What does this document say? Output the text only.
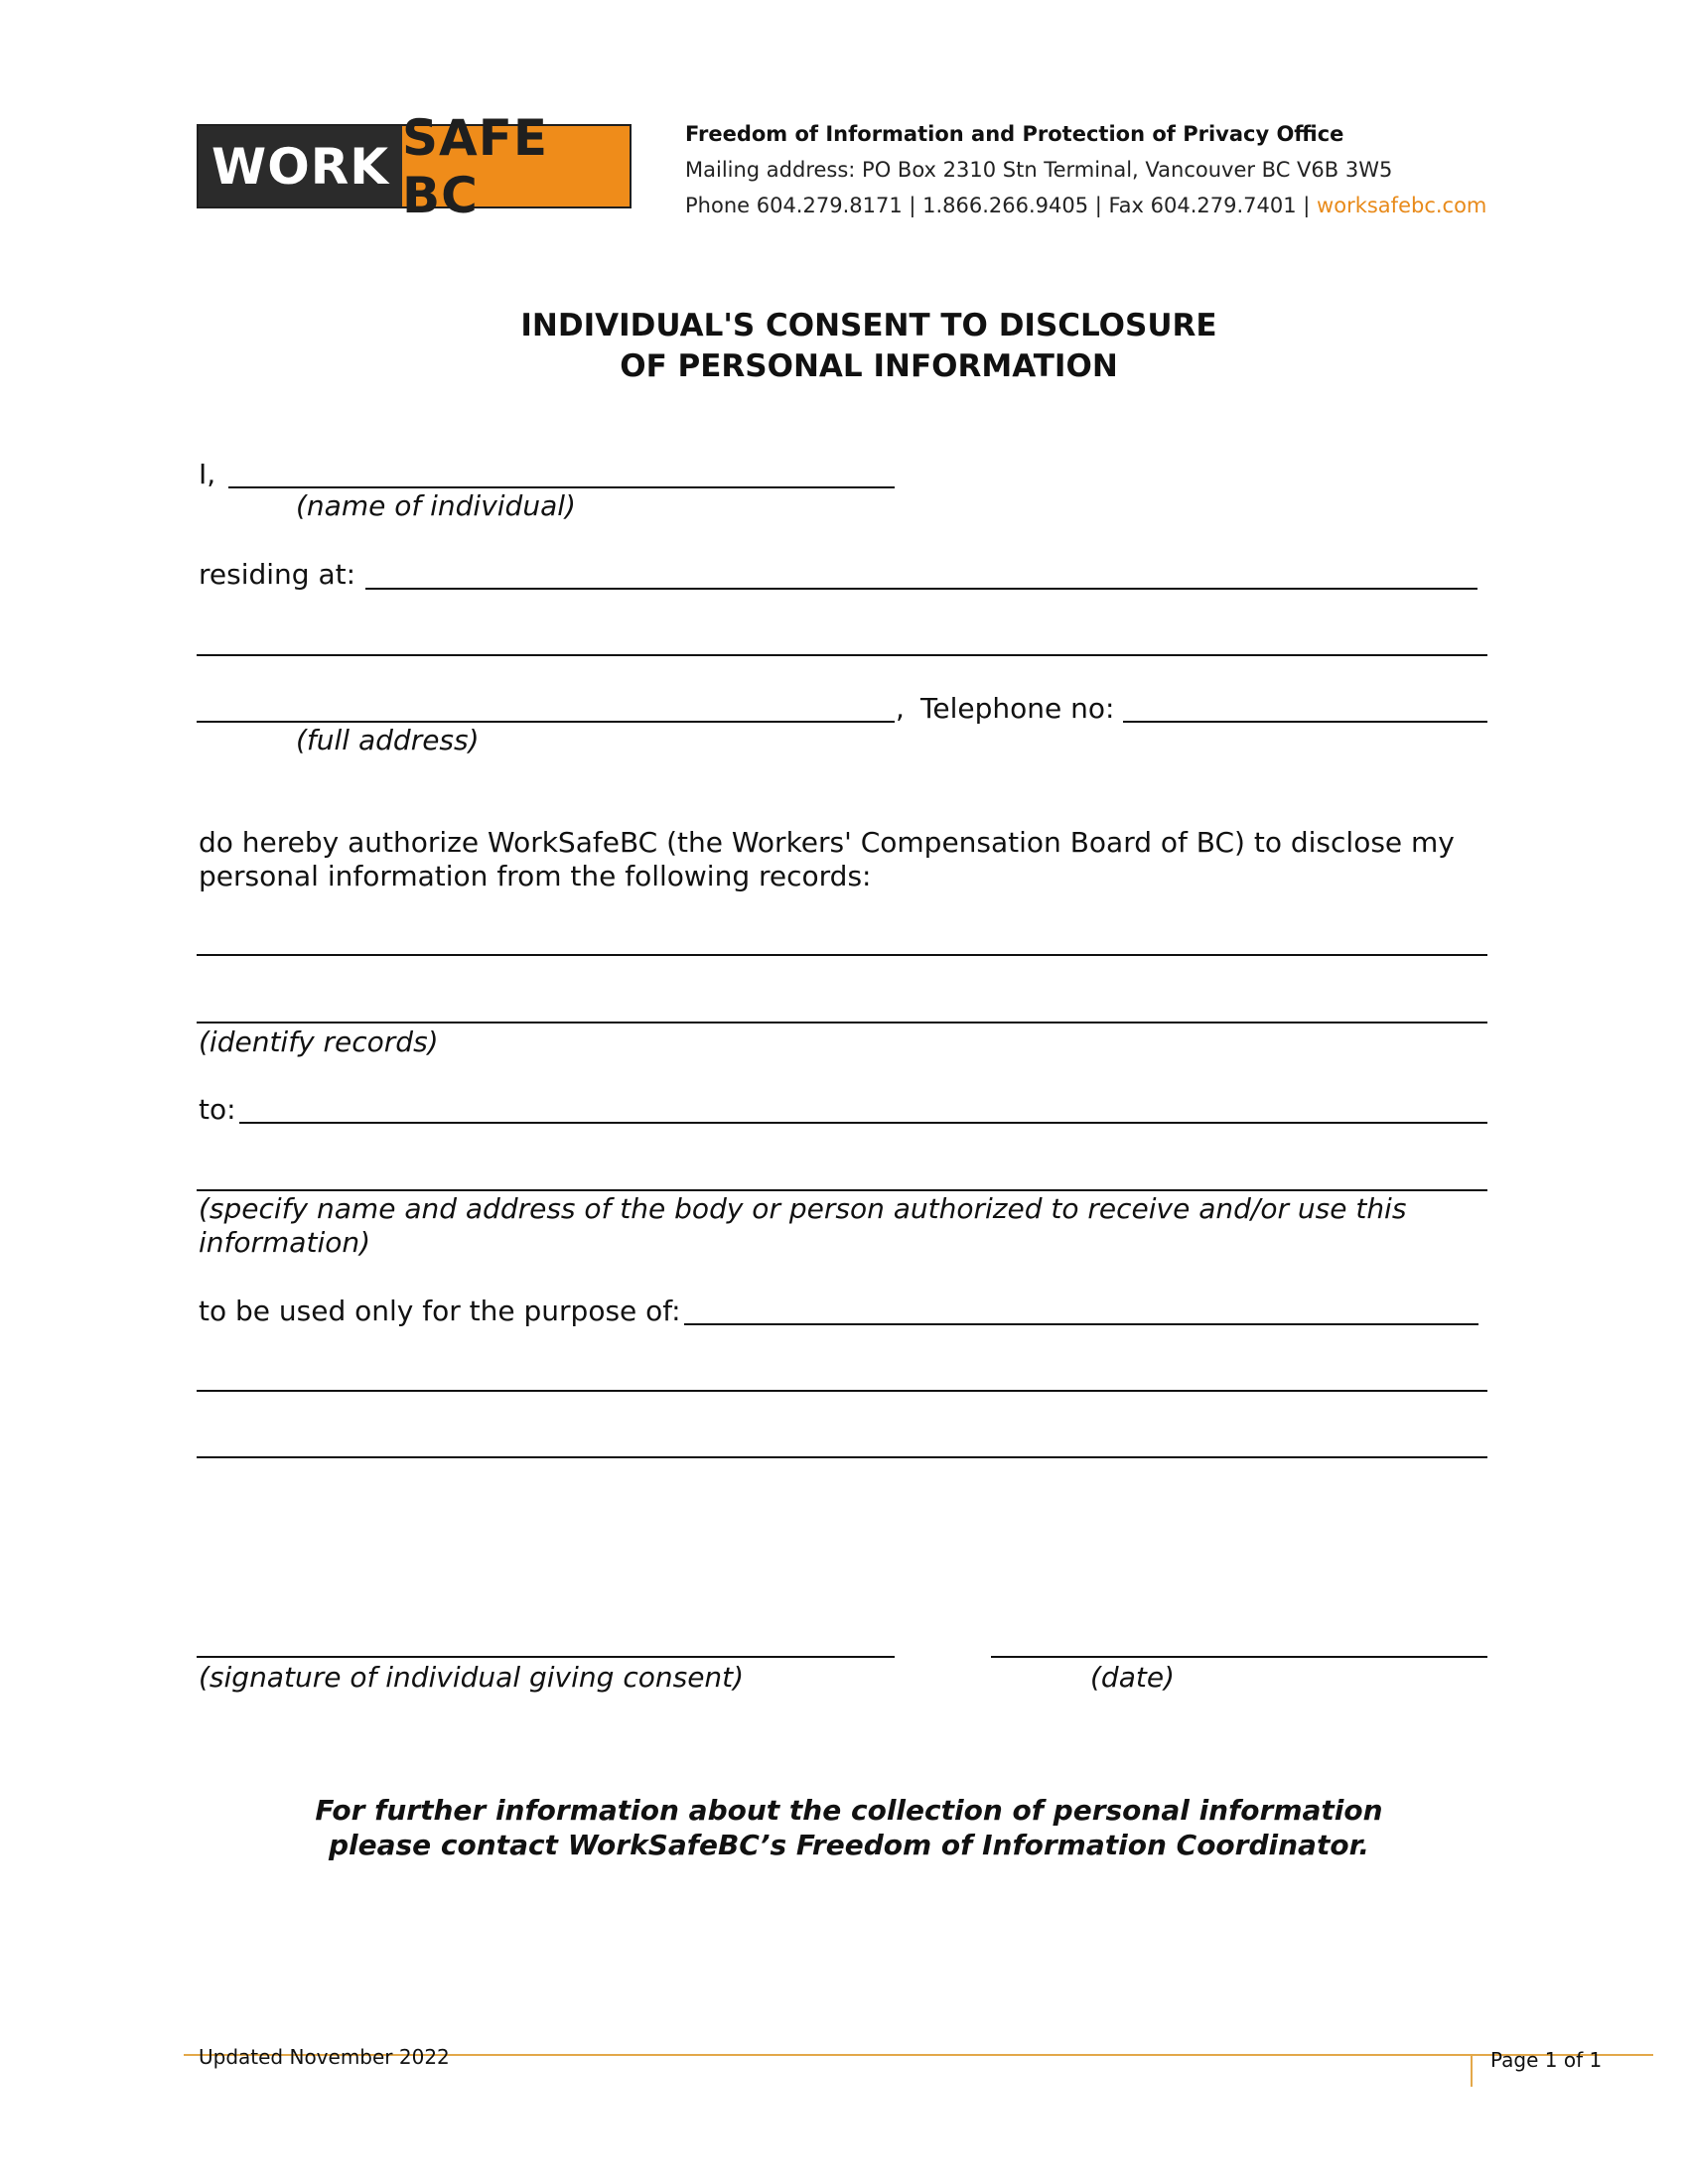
WORK SAFE BC
Freedom of Information and Protection of Privacy Office
Mailing address: PO Box 2310 Stn Terminal, Vancouver BC V6B 3W5
Phone 604.279.8171 | 1.866.266.9405 | Fax 604.279.7401 | worksafebc.com
INDIVIDUAL'S CONSENT TO DISCLOSURE
OF PERSONAL INFORMATION
I,
(name of individual)
residing at:
, Telephone no:
(full address)
do hereby authorize WorkSafeBC (the Workers' Compensation Board of BC) to disclose my
personal information from the following records:
(identify records)
to:
(specify name and address of the body or person authorized to receive and/or use this
information)
to be used only for the purpose of:
(signature of individual giving consent)	(date)
For further information about the collection of personal information
please contact WorkSafeBC’s Freedom of Information Coordinator.
Updated November 2022	Page 1 of 1
